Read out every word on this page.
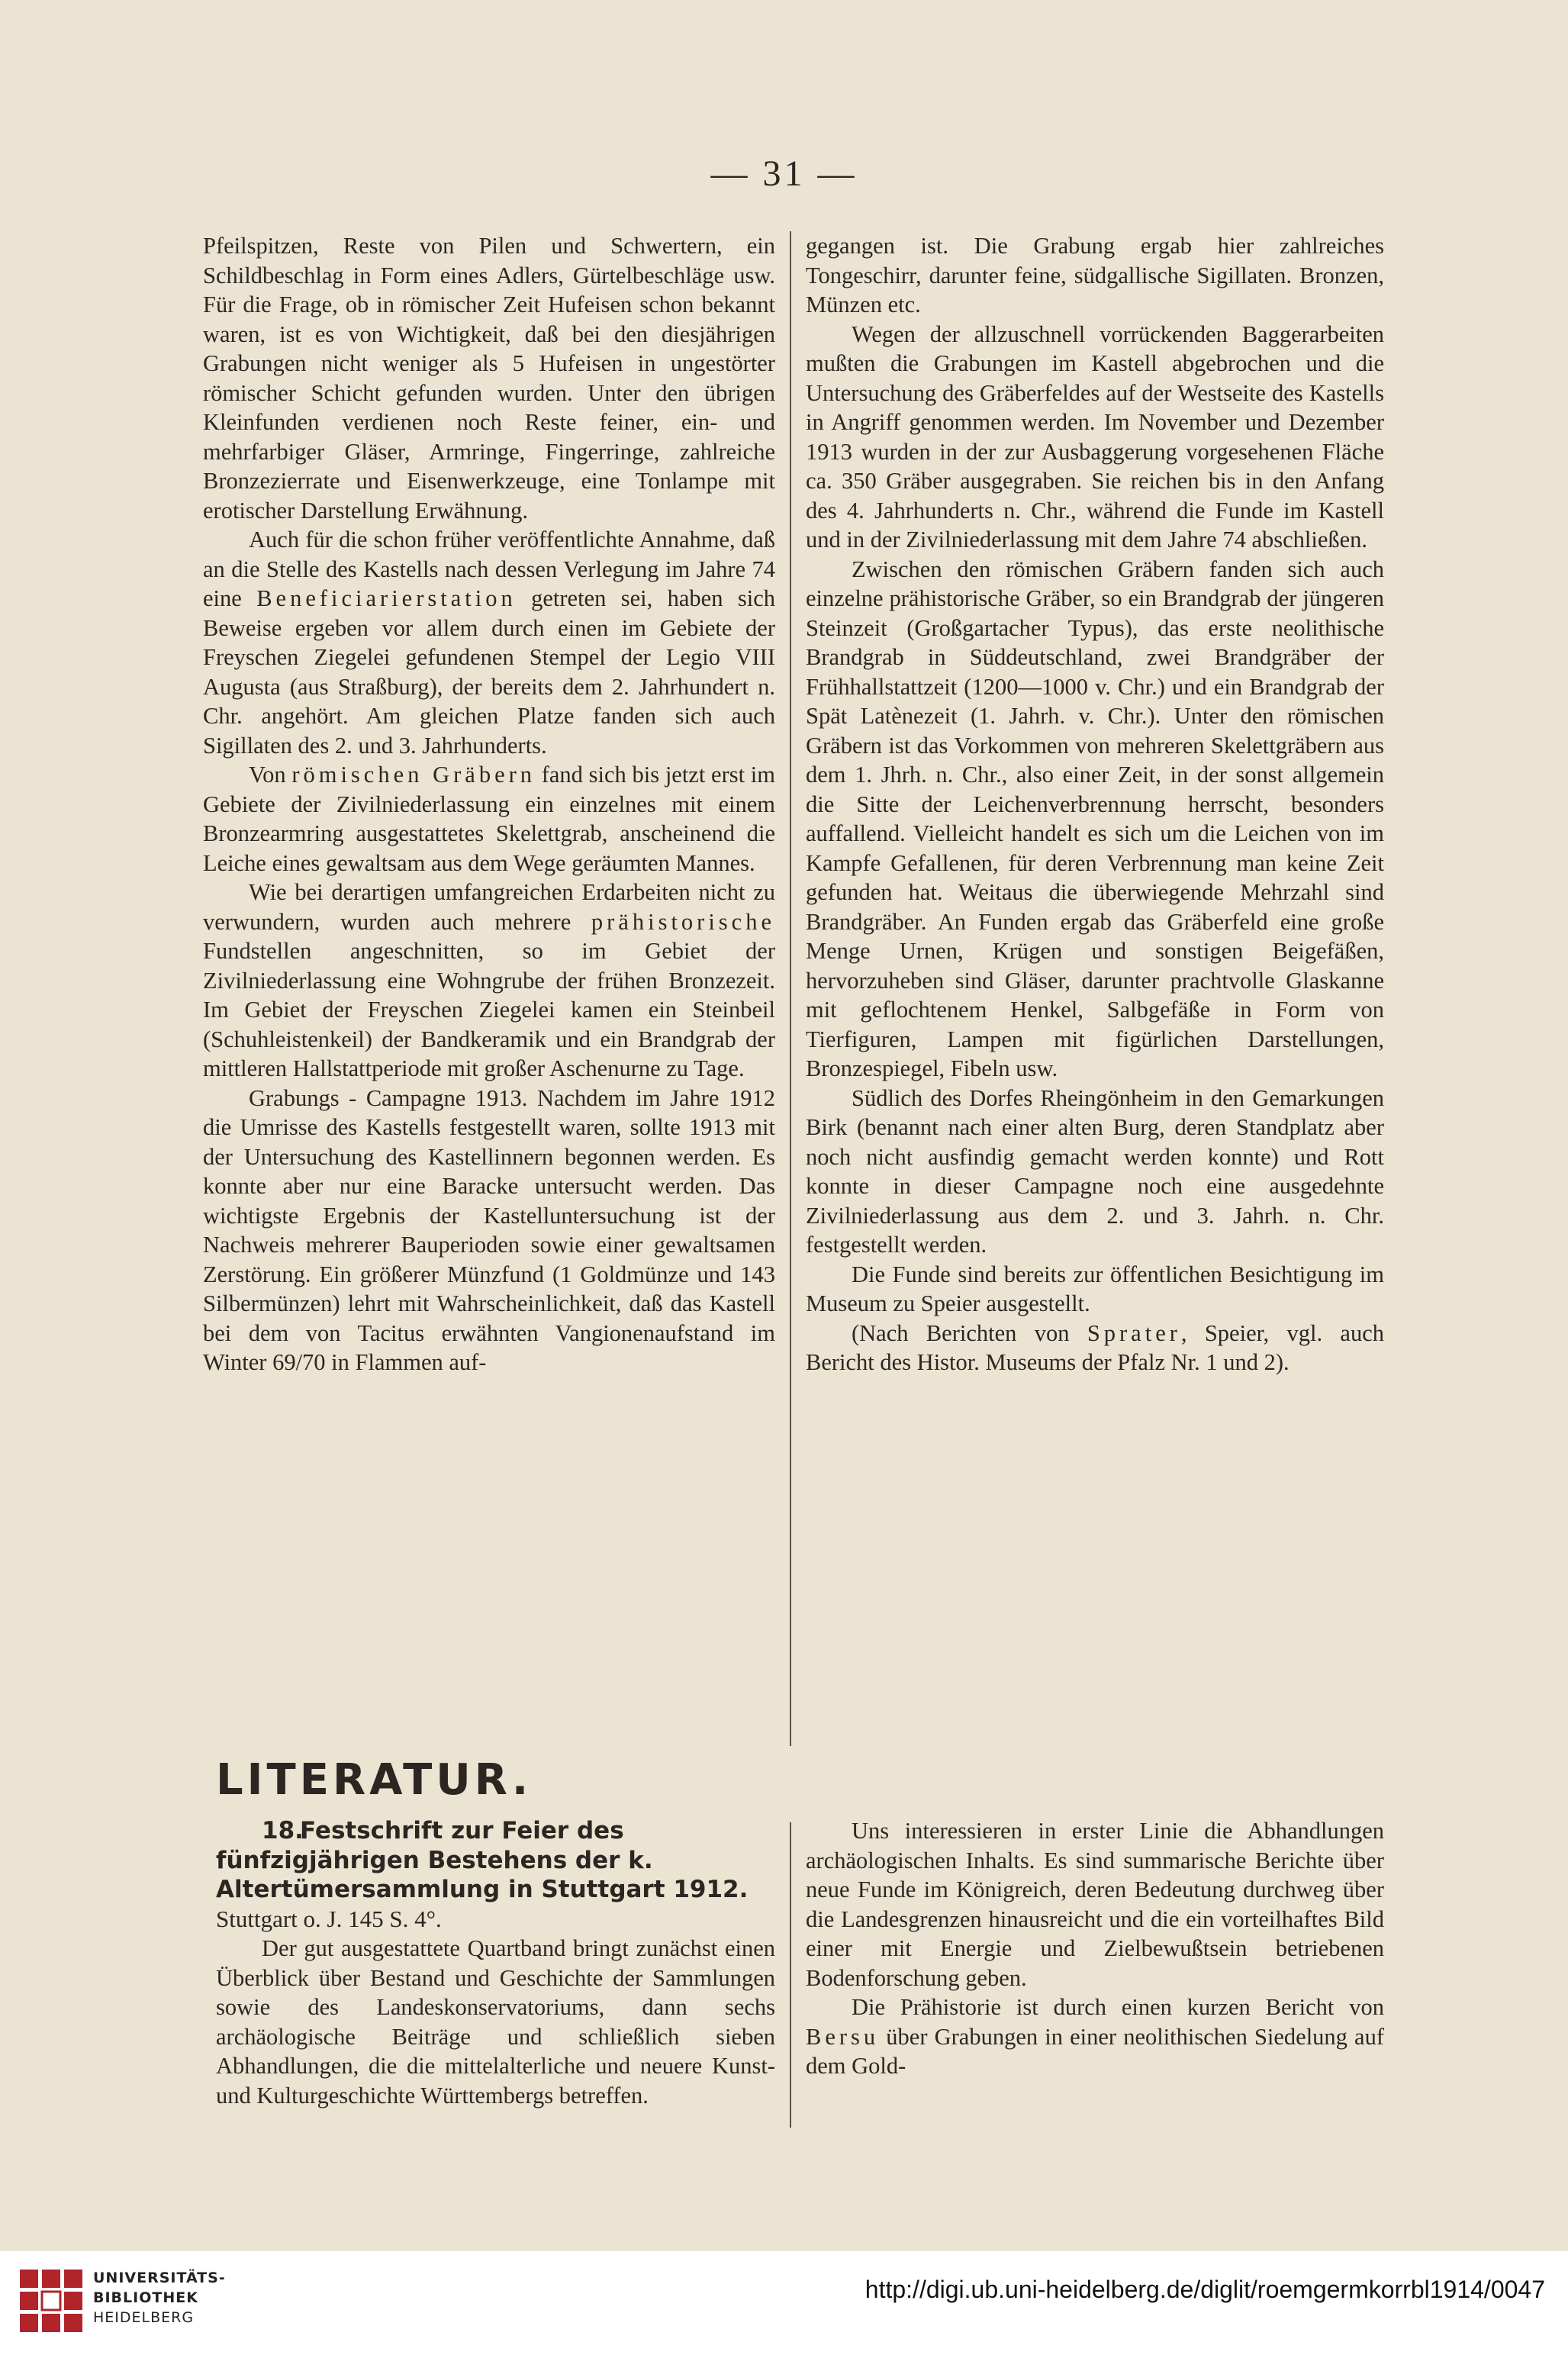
— 31 —

Pfeilspitzen, Reste von Pilen und Schwertern, ein Schildbeschlag in Form eines Adlers, Gürtelbeschläge usw. Für die Frage, ob in römischer Zeit Hufeisen schon bekannt waren, ist es von Wichtigkeit, daß bei den diesjährigen Grabungen nicht weniger als 5 Hufeisen in ungestörter römischer Schicht gefunden wurden. Unter den übrigen Kleinfunden verdienen noch Reste feiner, ein- und mehrfarbiger Gläser, Armringe, Fingerringe, zahlreiche Bronzezierrate und Eisenwerkzeuge, eine Tonlampe mit erotischer Darstellung Erwähnung.

Auch für die schon früher veröffentlichte Annahme, daß an die Stelle des Kastells nach dessen Verlegung im Jahre 74 eine Beneficiarierstation getreten sei, haben sich Beweise ergeben vor allem durch einen im Gebiete der Freyschen Ziegelei gefundenen Stempel der Legio VIII Augusta (aus Straßburg), der bereits dem 2. Jahrhundert n. Chr. angehört. Am gleichen Platze fanden sich auch Sigillaten des 2. und 3. Jahrhunderts.

Von römischen Gräbern fand sich bis jetzt erst im Gebiete der Zivilniederlassung ein einzelnes mit einem Bronzearmring ausgestattetes Skelettgrab, anscheinend die Leiche eines gewaltsam aus dem Wege geräumten Mannes.

Wie bei derartigen umfangreichen Erdarbeiten nicht zu verwundern, wurden auch mehrere prähistorische Fundstellen angeschnitten, so im Gebiet der Zivilniederlassung eine Wohngrube der frühen Bronzezeit. Im Gebiet der Freyschen Ziegelei kamen ein Steinbeil (Schuhleistenkeil) der Bandkeramik und ein Brandgrab der mittleren Hallstattperiode mit großer Aschenurne zu Tage.

Grabungs - Campagne 1913. Nachdem im Jahre 1912 die Umrisse des Kastells festgestellt waren, sollte 1913 mit der Untersuchung des Kastellinnern begonnen werden. Es konnte aber nur eine Baracke untersucht werden. Das wichtigste Ergebnis der Kastelluntersuchung ist der Nachweis mehrerer Bauperioden sowie einer gewaltsamen Zerstörung. Ein größerer Münzfund (1 Goldmünze und 143 Silbermünzen) lehrt mit Wahrscheinlichkeit, daß das Kastell bei dem von Tacitus erwähnten Vangionenaufstand im Winter 69/70 in Flammen auf-

gegangen ist. Die Grabung ergab hier zahlreiches Tongeschirr, darunter feine, südgallische Sigillaten. Bronzen, Münzen etc.

Wegen der allzuschnell vorrückenden Baggerarbeiten mußten die Grabungen im Kastell abgebrochen und die Untersuchung des Gräberfeldes auf der Westseite des Kastells in Angriff genommen werden. Im November und Dezember 1913 wurden in der zur Ausbaggerung vorgesehenen Fläche ca. 350 Gräber ausgegraben. Sie reichen bis in den Anfang des 4. Jahrhunderts n. Chr., während die Funde im Kastell und in der Zivilniederlassung mit dem Jahre 74 abschließen.

Zwischen den römischen Gräbern fanden sich auch einzelne prähistorische Gräber, so ein Brandgrab der jüngeren Steinzeit (Großgartacher Typus), das erste neolithische Brandgrab in Süddeutschland, zwei Brandgräber der Frühhallstattzeit (1200—1000 v. Chr.) und ein Brandgrab der Spät Latènezeit (1. Jahrh. v. Chr.). Unter den römischen Gräbern ist das Vorkommen von mehreren Skelettgräbern aus dem 1. Jhrh. n. Chr., also einer Zeit, in der sonst allgemein die Sitte der Leichenverbrennung herrscht, besonders auffallend. Vielleicht handelt es sich um die Leichen von im Kampfe Gefallenen, für deren Verbrennung man keine Zeit gefunden hat. Weitaus die überwiegende Mehrzahl sind Brandgräber. An Funden ergab das Gräberfeld eine große Menge Urnen, Krügen und sonstigen Beigefäßen, hervorzuheben sind Gläser, darunter prachtvolle Glaskanne mit geflochtenem Henkel, Salbgefäße in Form von Tierfiguren, Lampen mit figürlichen Darstellungen, Bronzespiegel, Fibeln usw.

Südlich des Dorfes Rheingönheim in den Gemarkungen Birk (benannt nach einer alten Burg, deren Standplatz aber noch nicht ausfindig gemacht werden konnte) und Rott konnte in dieser Campagne noch eine ausgedehnte Zivilniederlassung aus dem 2. und 3. Jahrh. n. Chr. festgestellt werden.

Die Funde sind bereits zur öffentlichen Besichtigung im Museum zu Speier ausgestellt.

(Nach Berichten von Sprater, Speier, vgl. auch Bericht des Histor. Museums der Pfalz Nr. 1 und 2).

LITERATUR.

18.Festschrift zur Feier des fünfzigjährigen Bestehens der k. Altertümersammlung in Stuttgart 1912. Stuttgart o. J. 145 S. 4°.

Der gut ausgestattete Quartband bringt zunächst einen Überblick über Bestand und Geschichte der Sammlungen sowie des Landeskonservatoriums, dann sechs archäologische Beiträge und schließlich sieben Abhandlungen, die die mittelalterliche und neuere Kunst- und Kulturgeschichte Württembergs betreffen.

Uns interessieren in erster Linie die Abhandlungen archäologischen Inhalts. Es sind summarische Berichte über neue Funde im Königreich, deren Bedeutung durchweg über die Landesgrenzen hinausreicht und die ein vorteilhaftes Bild einer mit Energie und Zielbewußtsein betriebenen Bodenforschung geben.

Die Prähistorie ist durch einen kurzen Bericht von Bersu über Grabungen in einer neolithischen Siedelung auf dem Gold-

UNIVERSITÄTS-
BIBLIOTHEK
HEIDELBERG
http://digi.ub.uni-heidelberg.de/diglit/roemgermkorrbl1914/0047
